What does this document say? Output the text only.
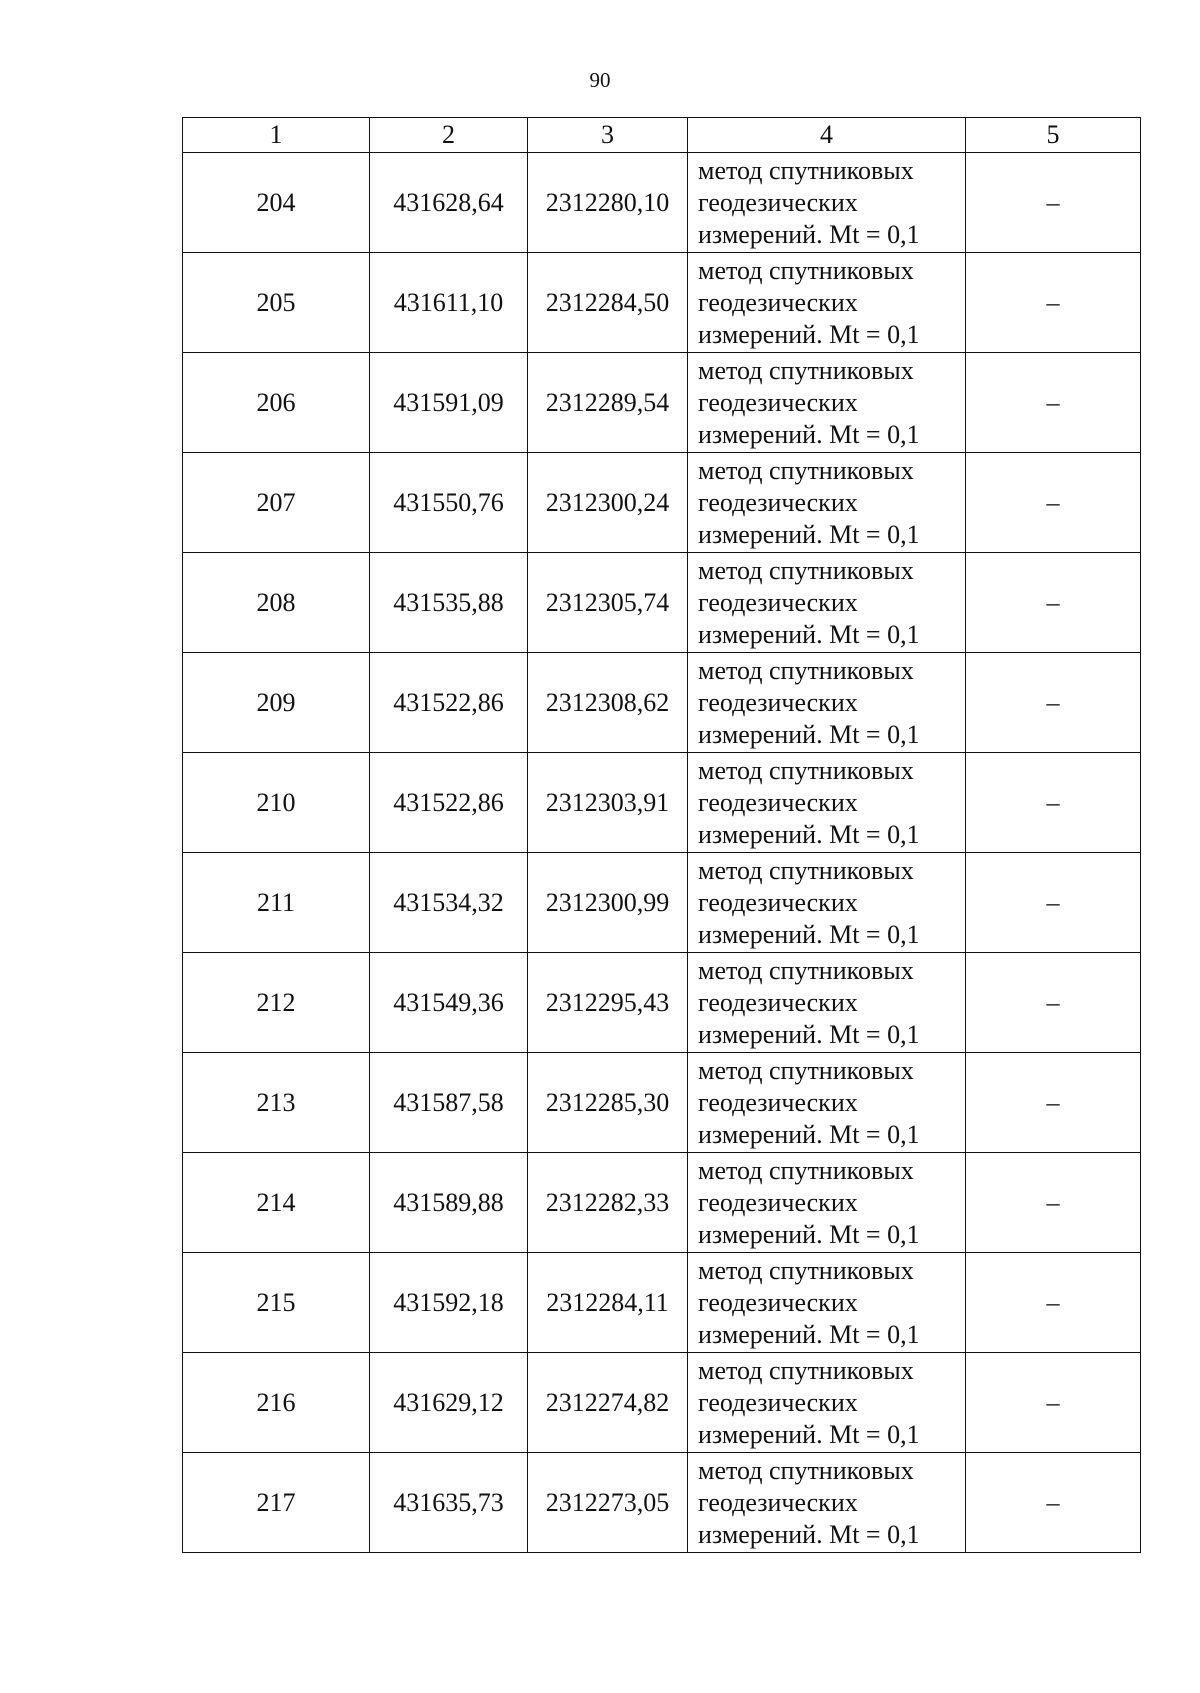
90
1	2	3	4	5
204	431628,64	2312280,10	метод спутниковых
геодезических
измерений. Mt = 0,1	–
205	431611,10	2312284,50	метод спутниковых
геодезических
измерений. Mt = 0,1	–
206	431591,09	2312289,54	метод спутниковых
геодезических
измерений. Mt = 0,1	–
207	431550,76	2312300,24	метод спутниковых
геодезических
измерений. Mt = 0,1	–
208	431535,88	2312305,74	метод спутниковых
геодезических
измерений. Mt = 0,1	–
209	431522,86	2312308,62	метод спутниковых
геодезических
измерений. Mt = 0,1	–
210	431522,86	2312303,91	метод спутниковых
геодезических
измерений. Mt = 0,1	–
211	431534,32	2312300,99	метод спутниковых
геодезических
измерений. Mt = 0,1	–
212	431549,36	2312295,43	метод спутниковых
геодезических
измерений. Mt = 0,1	–
213	431587,58	2312285,30	метод спутниковых
геодезических
измерений. Mt = 0,1	–
214	431589,88	2312282,33	метод спутниковых
геодезических
измерений. Mt = 0,1	–
215	431592,18	2312284,11	метод спутниковых
геодезических
измерений. Mt = 0,1	–
216	431629,12	2312274,82	метод спутниковых
геодезических
измерений. Mt = 0,1	–
217	431635,73	2312273,05	метод спутниковых
геодезических
измерений. Mt = 0,1	–
